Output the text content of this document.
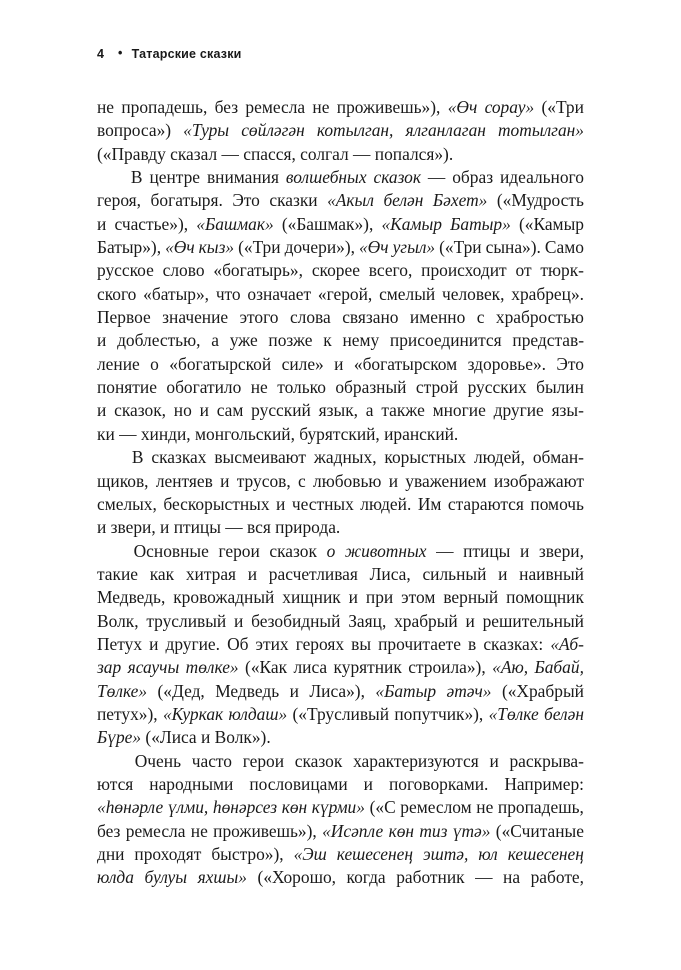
4 • Татарские сказки

не пропадешь, без ремесла не проживешь»), «Өч сорау» («Три
вопроса») «Туры сөйләгән котылган, ялганлаган тотылган»
(«Правду сказал — спасся, солгал — попался»).

В центре внимания волшебных сказок — образ идеального
героя, богатыря. Это сказки «Акыл белән Бәхет» («Мудрость
и счастье»), «Башмак» («Башмак»), «Камыр Батыр» («Камыр
Батыр»), «Өч кыз» («Три дочери»), «Өч угыл» («Три сына»). Само
русское слово «богатырь», скорее всего, происходит от тюрк-
ского «батыр», что означает «герой, смелый человек, храбрец».
Первое значение этого слова связано именно с храбростью
и доблестью, а уже позже к нему присоединится представ-
ление о «богатырской силе» и «богатырском здоровье». Это
понятие обогатило не только образный строй русских былин
и сказок, но и сам русский язык, а также многие другие язы-
ки — хинди, монгольский, бурятский, иранский.

В сказках высмеивают жадных, корыстных людей, обман-
щиков, лентяев и трусов, с любовью и уважением изображают
смелых, бескорыстных и честных людей. Им стараются помочь
и звери, и птицы — вся природа.

Основные герои сказок о животных — птицы и звери,
такие как хитрая и расчетливая Лиса, сильный и наивный
Медведь, кровожадный хищник и при этом верный помощник
Волк, трусливый и безобидный Заяц, храбрый и решительный
Петух и другие. Об этих героях вы прочитаете в сказках: «Аб-
зар ясаучы төлке» («Как лиса курятник строила»), «Аю, Бабай,
Төлке» («Дед, Медведь и Лиса»), «Батыр әтәч» («Храбрый
петух»), «Куркак юлдаш» («Трусливый попутчик»), «Төлке белән
Бүре» («Лиса и Волк»).

Очень часто герои сказок характеризуются и раскрыва-
ются народными пословицами и поговорками. Например:
«һөнәрле үлми, һөнәрсез көн күрми» («С ремеслом не пропадешь,
без ремесла не проживешь»), «Исәпле көн тиз үтә» («Считаные
дни проходят быстро»), «Эш кешесенең эштә, юл кешесенең
юлда булуы яхшы» («Хорошо, когда работник — на работе,
